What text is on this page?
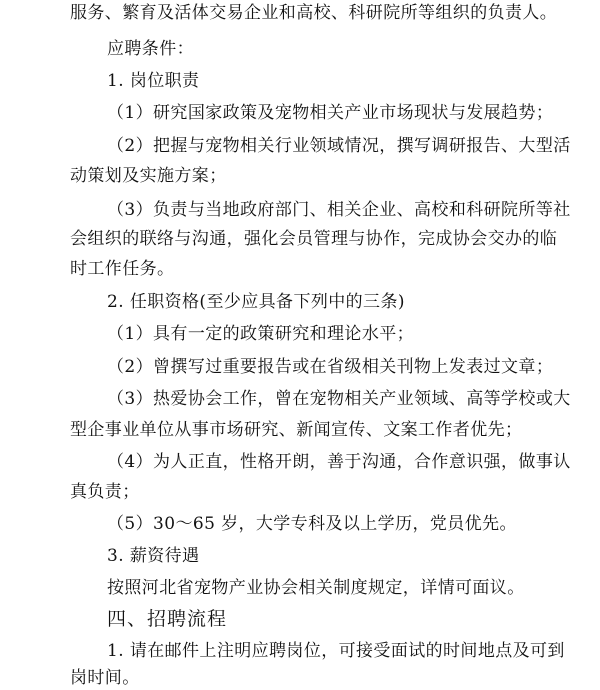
服务、繁育及活体交易企业和高校、科研院所等组织的负责人。
应聘条件：
1. 岗位职责
（1）研究国家政策及宠物相关产业市场现状与发展趋势；
（2）把握与宠物相关行业领域情况，撰写调研报告、大型活
动策划及实施方案；
（3）负责与当地政府部门、相关企业、高校和科研院所等社
会组织的联络与沟通，强化会员管理与协作，完成协会交办的临
时工作任务。
2. 任职资格(至少应具备下列中的三条)
（1）具有一定的政策研究和理论水平；
（2）曾撰写过重要报告或在省级相关刊物上发表过文章；
（3）热爱协会工作，曾在宠物相关产业领域、高等学校或大
型企事业单位从事市场研究、新闻宣传、文案工作者优先；
（4）为人正直，性格开朗，善于沟通，合作意识强，做事认
真负责；
（5）30～65 岁，大学专科及以上学历，党员优先。
3. 薪资待遇
按照河北省宠物产业协会相关制度规定，详情可面议。
四、招聘流程
1. 请在邮件上注明应聘岗位，可接受面试的时间地点及可到
岗时间。
